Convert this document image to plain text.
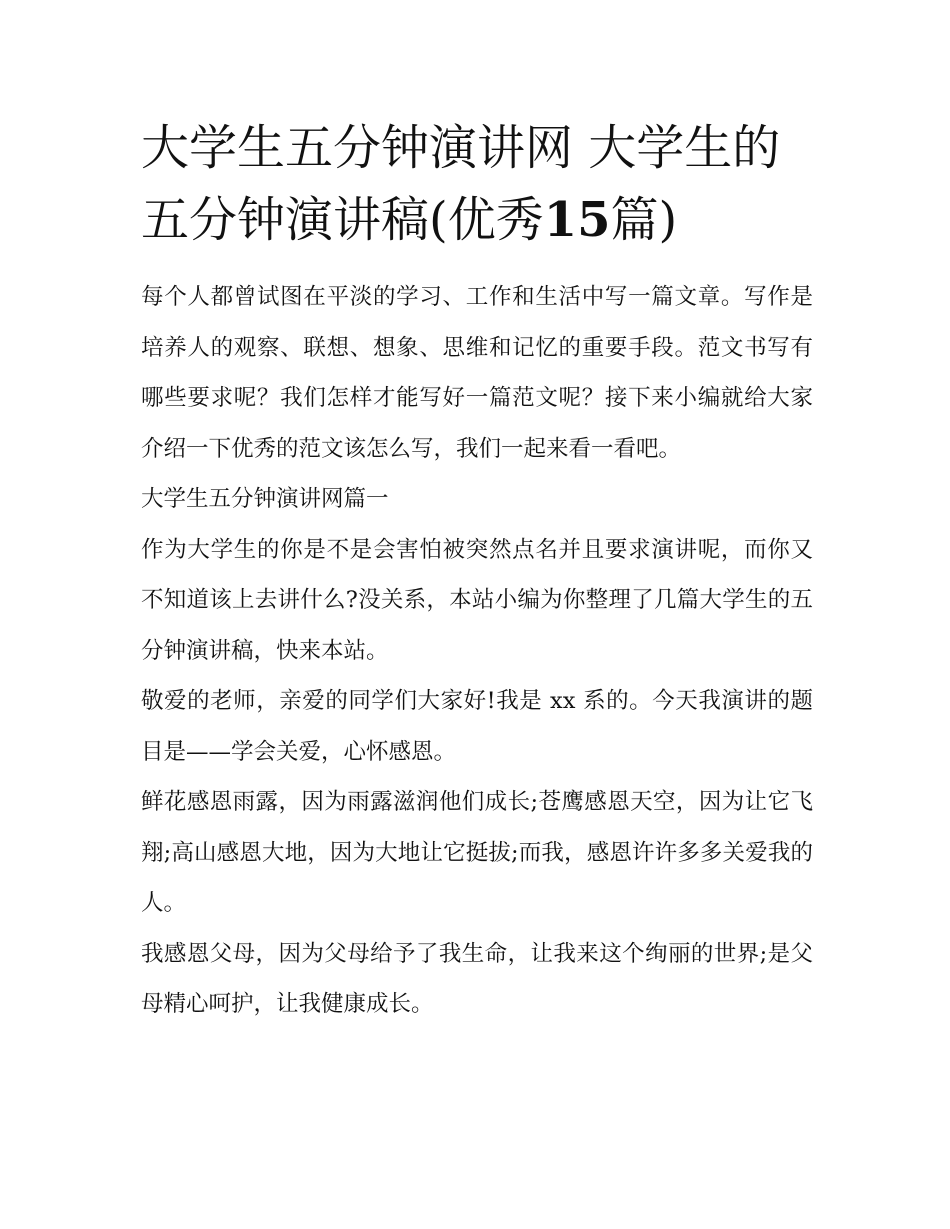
大学生五分钟演讲网 大学生的五分钟演讲稿(优秀15篇)

每个人都曾试图在平淡的学习、工作和生活中写一篇文章。写作是培养人的观察、联想、想象、思维和记忆的重要手段。范文书写有哪些要求呢？我们怎样才能写好一篇范文呢？接下来小编就给大家介绍一下优秀的范文该怎么写，我们一起来看一看吧。

大学生五分钟演讲网篇一

作为大学生的你是不是会害怕被突然点名并且要求演讲呢，而你又不知道该上去讲什么?没关系，本站小编为你整理了几篇大学生的五分钟演讲稿，快来本站。

敬爱的老师，亲爱的同学们大家好!我是 xx 系的。今天我演讲的题目是——学会关爱，心怀感恩。

鲜花感恩雨露，因为雨露滋润他们成长;苍鹰感恩天空，因为让它飞翔;高山感恩大地，因为大地让它挺拔;而我，感恩许许多多关爱我的人。

我感恩父母，因为父母给予了我生命，让我来这个绚丽的世界;是父母精心呵护，让我健康成长。
